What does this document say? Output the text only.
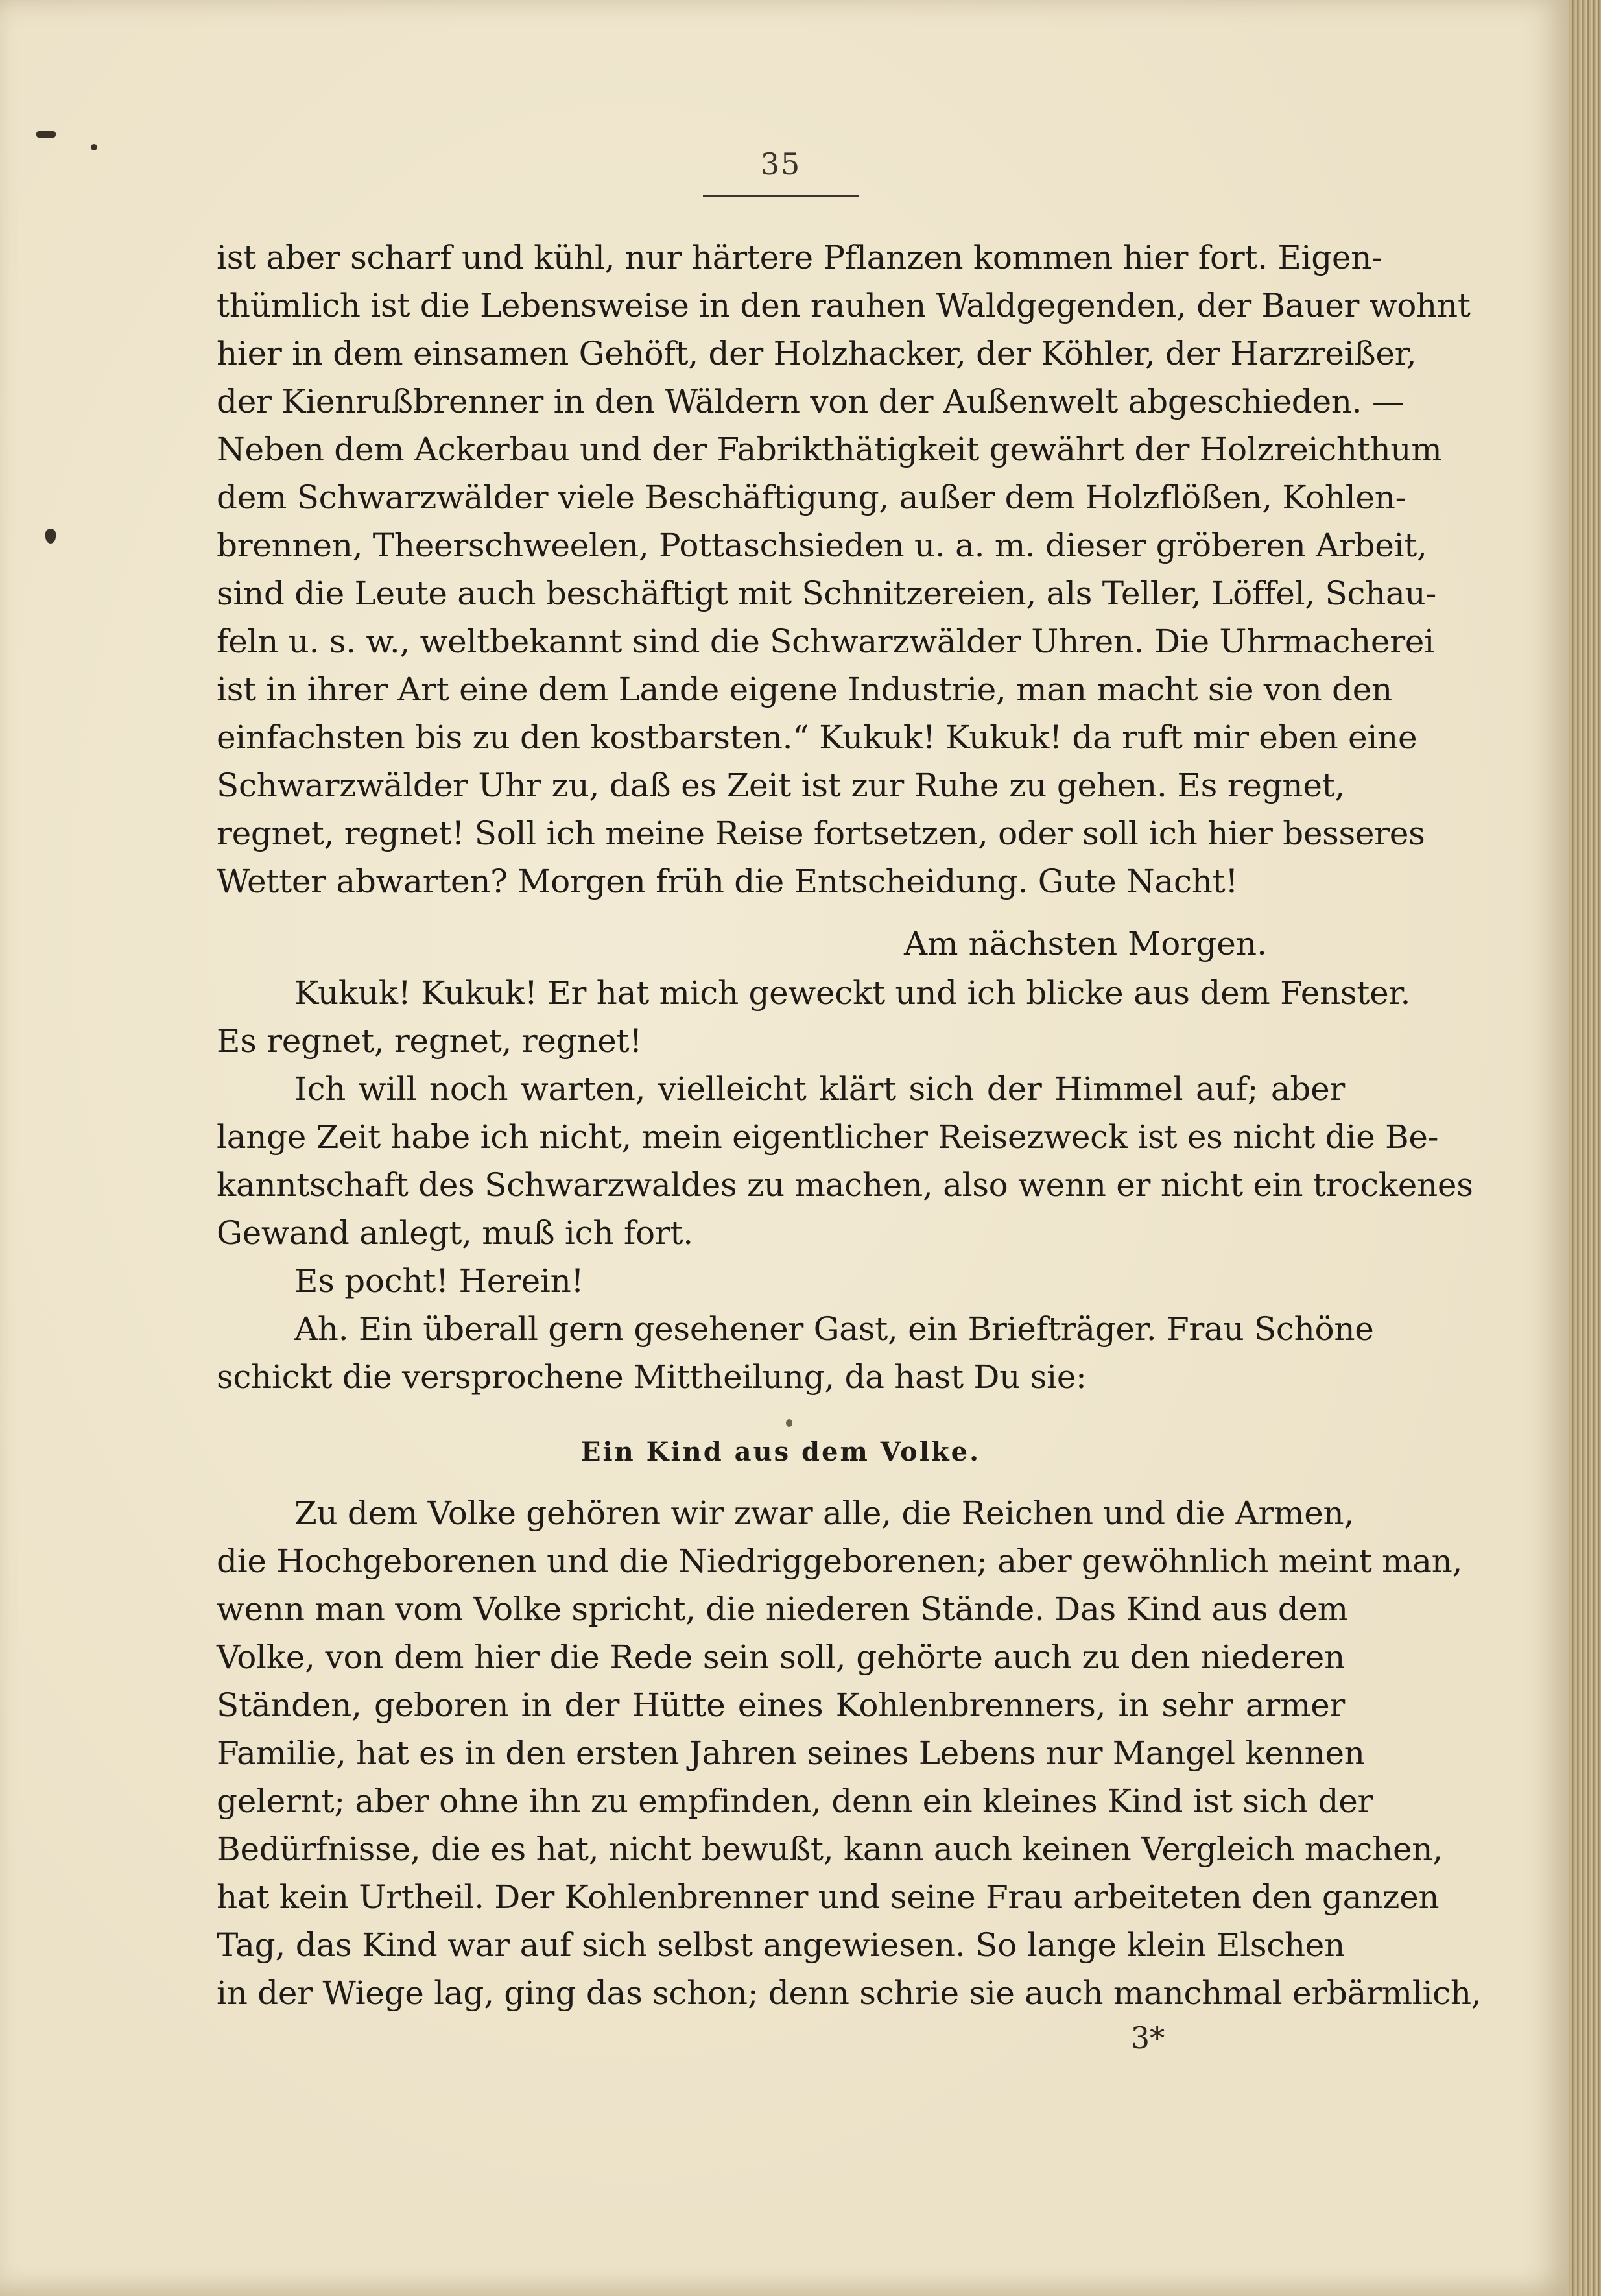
35
ist aber scharf und kühl, nur härtere Pflanzen kommen hier fort. Eigen-
thümlich ist die Lebensweise in den rauhen Waldgegenden, der Bauer wohnt
hier in dem einsamen Gehöft, der Holzhacker, der Köhler, der Harzreißer,
der Kienrußbrenner in den Wäldern von der Außenwelt abgeschieden. —
Neben dem Ackerbau und der Fabrikthätigkeit gewährt der Holzreichthum
dem Schwarzwälder viele Beschäftigung, außer dem Holzflößen, Kohlen-
brennen, Theerschweelen, Pottaschsieden u. a. m. dieser gröberen Arbeit,
sind die Leute auch beschäftigt mit Schnitzereien, als Teller, Löffel, Schau-
feln u. s. w., weltbekannt sind die Schwarzwälder Uhren. Die Uhrmacherei
ist in ihrer Art eine dem Lande eigene Industrie, man macht sie von den
einfachsten bis zu den kostbarsten.“ Kukuk! Kukuk! da ruft mir eben eine
Schwarzwälder Uhr zu, daß es Zeit ist zur Ruhe zu gehen. Es regnet,
regnet, regnet! Soll ich meine Reise fortsetzen, oder soll ich hier besseres
Wetter abwarten? Morgen früh die Entscheidung. Gute Nacht!
Am nächsten Morgen.
Kukuk! Kukuk! Er hat mich geweckt und ich blicke aus dem Fenster.
Es regnet, regnet, regnet!
Ich will noch warten, vielleicht klärt sich der Himmel auf; aber
lange Zeit habe ich nicht, mein eigentlicher Reisezweck ist es nicht die Be-
kanntschaft des Schwarzwaldes zu machen, also wenn er nicht ein trockenes
Gewand anlegt, muß ich fort.
Es pocht! Herein!
Ah. Ein überall gern gesehener Gast, ein Briefträger. Frau Schöne
schickt die versprochene Mittheilung, da hast Du sie:
Ein Kind aus dem Volke.
Zu dem Volke gehören wir zwar alle, die Reichen und die Armen,
die Hochgeborenen und die Niedriggeborenen; aber gewöhnlich meint man,
wenn man vom Volke spricht, die niederen Stände. Das Kind aus dem
Volke, von dem hier die Rede sein soll, gehörte auch zu den niederen
Ständen, geboren in der Hütte eines Kohlenbrenners, in sehr armer
Familie, hat es in den ersten Jahren seines Lebens nur Mangel kennen
gelernt; aber ohne ihn zu empfinden, denn ein kleines Kind ist sich der
Bedürfnisse, die es hat, nicht bewußt, kann auch keinen Vergleich machen,
hat kein Urtheil. Der Kohlenbrenner und seine Frau arbeiteten den ganzen
Tag, das Kind war auf sich selbst angewiesen. So lange klein Elschen
in der Wiege lag, ging das schon; denn schrie sie auch manchmal erbärmlich,
3*
